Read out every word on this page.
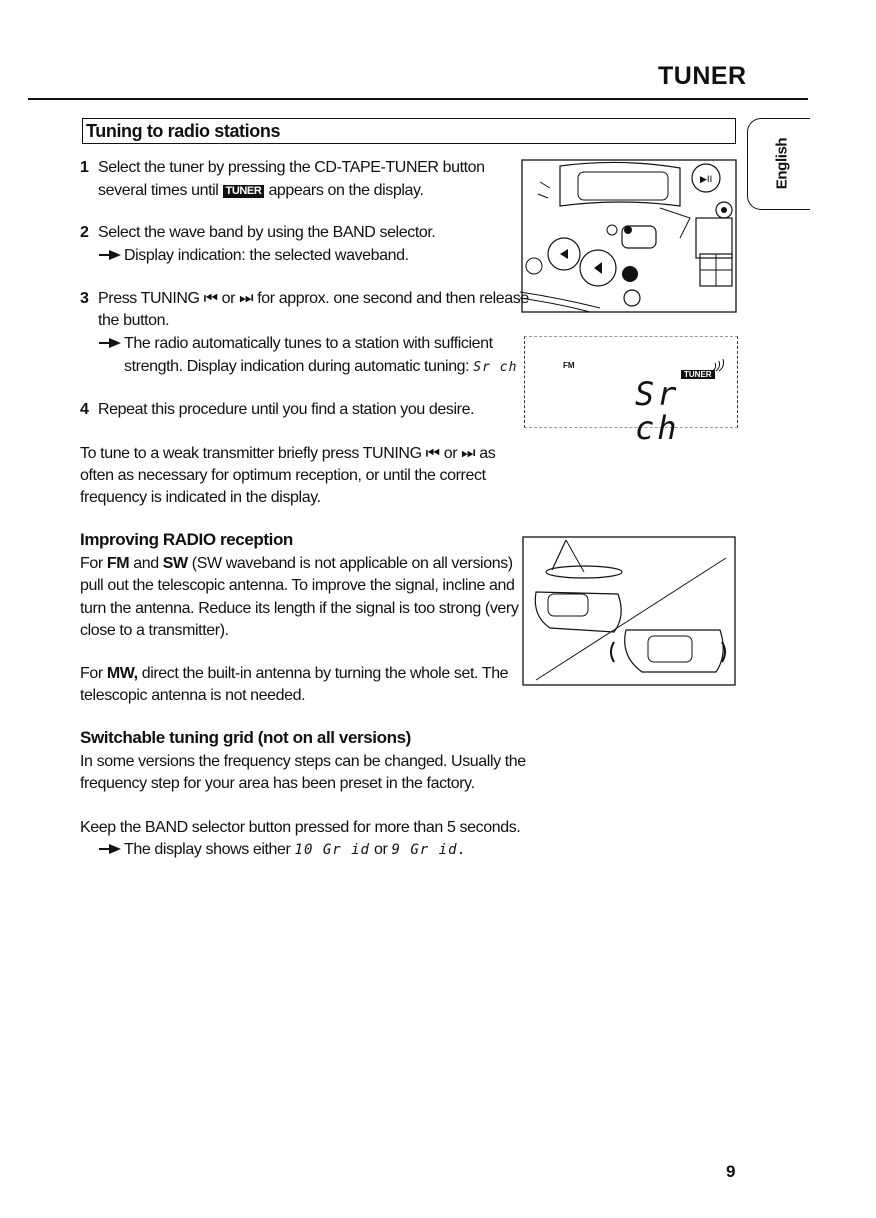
TUNER
English
Tuning to radio stations
1 Select the tuner by pressing the CD-TAPE-TUNER button
several times until TUNER appears on the display.
2 Select the wave band by using the BAND selector.
Display indication: the selected waveband.
3 Press TUNING ⏮ or ⏭ for approx. one second and then release
the button.
The radio automatically tunes to a station with sufficient
strength. Display indication during automatic tuning: Sr ch
4 Repeat this procedure until you find a station you desire.
To tune to a weak transmitter briefly press TUNING ⏮ or ⏭ as
often as necessary for optimum reception, or until the correct
frequency is indicated in the display.
▶II
FM
TUNER
Sr ch
Improving RADIO reception
For FM and SW (SW waveband is not applicable on all versions)
pull out the telescopic antenna. To improve the signal, incline and
turn the antenna. Reduce its length if the signal is too strong (very
close to a transmitter).
For MW, direct the built-in antenna by turning the whole set. The
telescopic antenna is not needed.
Switchable tuning grid (not on all versions)
In some versions the frequency steps can be changed. Usually the
frequency step for your area has been preset in the factory.
Keep the BAND selector button pressed for more than 5 seconds.
The display shows either 10 Gr id or 9 Gr id.
9
